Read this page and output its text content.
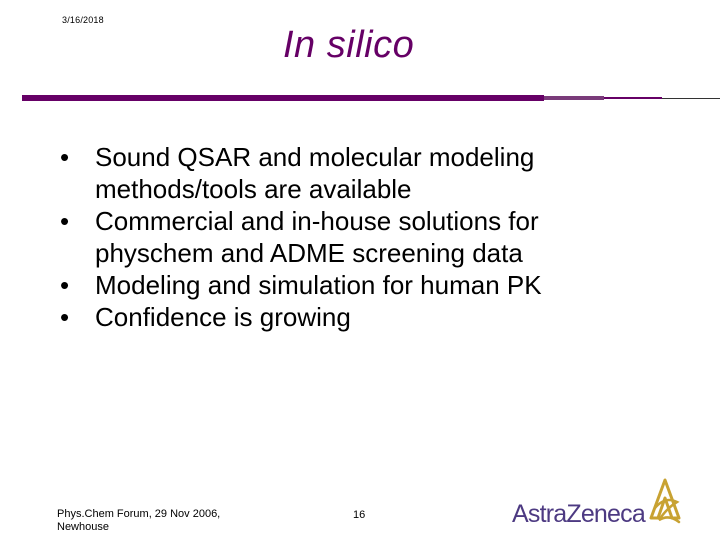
3/16/2018
In silico
• Sound QSAR and molecular modeling
methods/tools are available
• Commercial and in-house solutions for
physchem and ADME screening data
• Modeling and simulation for human PK
• Confidence is growing
Phys.Chem Forum, 29 Nov 2006,
Newhouse
16	AstraZeneca
